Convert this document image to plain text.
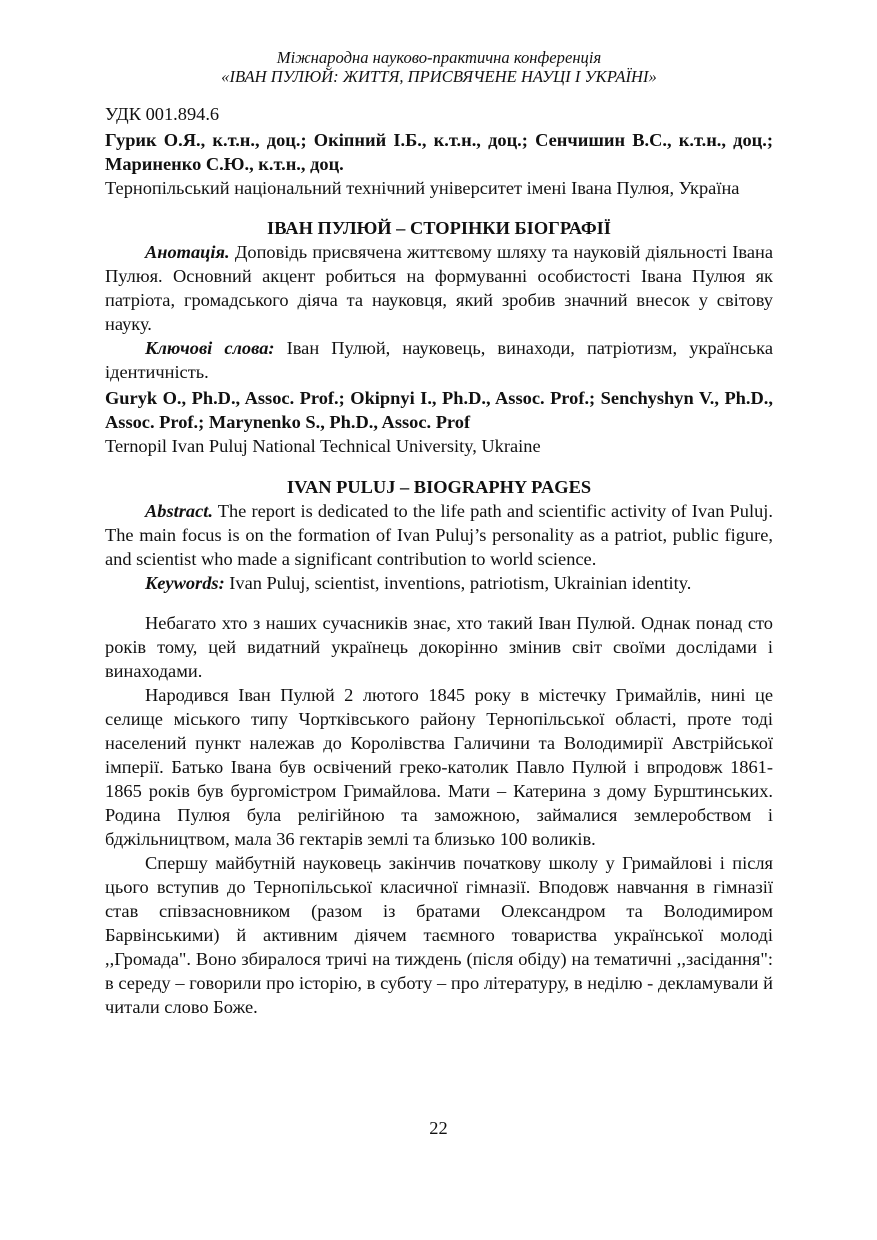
Міжнародна науково-практична конференція

«ІВАН ПУЛЮЙ: ЖИТТЯ, ПРИСВЯЧЕНЕ НАУЦІ І УКРАЇНІ»

УДК 001.894.6

Гурик О.Я., к.т.н., доц.; Окіпний І.Б., к.т.н., доц.; Сенчишин В.С., к.т.н., доц.; Мариненко С.Ю., к.т.н., доц.

Тернопільський національний технічний університет імені Івана Пулюя, Україна

ІВАН ПУЛЮЙ – СТОРІНКИ БІОГРАФІЇ

Анотація. Доповідь присвячена життєвому шляху та науковій діяльності Івана Пулюя. Основний акцент робиться на формуванні особистості Івана Пулюя як патріота, громадського діяча та науковця, який зробив значний внесок у світову науку.

Ключові слова: Іван Пулюй, науковець, винаходи, патріотизм, українська ідентичність.

Guryk O., Ph.D., Assoc. Prof.; Okipnyi I., Ph.D., Assoc. Prof.; Senchyshyn V., Ph.D., Assoc. Prof.; Marynenko S., Ph.D., Assoc. Prof

Ternopil Ivan Puluj National Technical University, Ukraine

IVAN PULUJ – BIOGRAPHY PAGES

Abstract. The report is dedicated to the life path and scientific activity of Ivan Puluj. The main focus is on the formation of Ivan Puluj’s personality as a patriot, public figure, and scientist who made a significant contribution to world science.

Keywords: Ivan Puluj, scientist, inventions, patriotism, Ukrainian identity.

Небагато хто з наших сучасників знає, хто такий Іван Пулюй. Однак понад сто років тому, цей видатний українець докорінно змінив світ своїми дослідами і винаходами.

Народився Іван Пулюй 2 лютого 1845 року в містечку Гримайлів, нині це селище міського типу Чортківського району Тернопільської області, проте тоді населений пункт належав до Королівства Галичини та Володимирії Австрійської імперії. Батько Івана був освічений греко-католик Павло Пулюй і впродовж 1861-1865 років був бургомістром Гримайлова. Мати – Катерина з дому Бурштинських. Родина Пулюя була релігійною та заможною, займалися землеробством і бджільництвом, мала 36 гектарів землі та близько 100 воликів.

Спершу майбутній науковець закінчив початкову школу у Гримайлові і після цього вступив до Тернопільської класичної гімназії. Вподовж навчання в гімназії став співзасновником (разом із братами Олександром та Володимиром Барвінськими) й активним діячем таємного товариства української молоді ,,Громада". Воно збиралося тричі на тиждень (після обіду) на тематичні ,,засідання": в середу – говорили про історію, в суботу – про літературу, в неділю - декламували й читали слово Боже.

22
